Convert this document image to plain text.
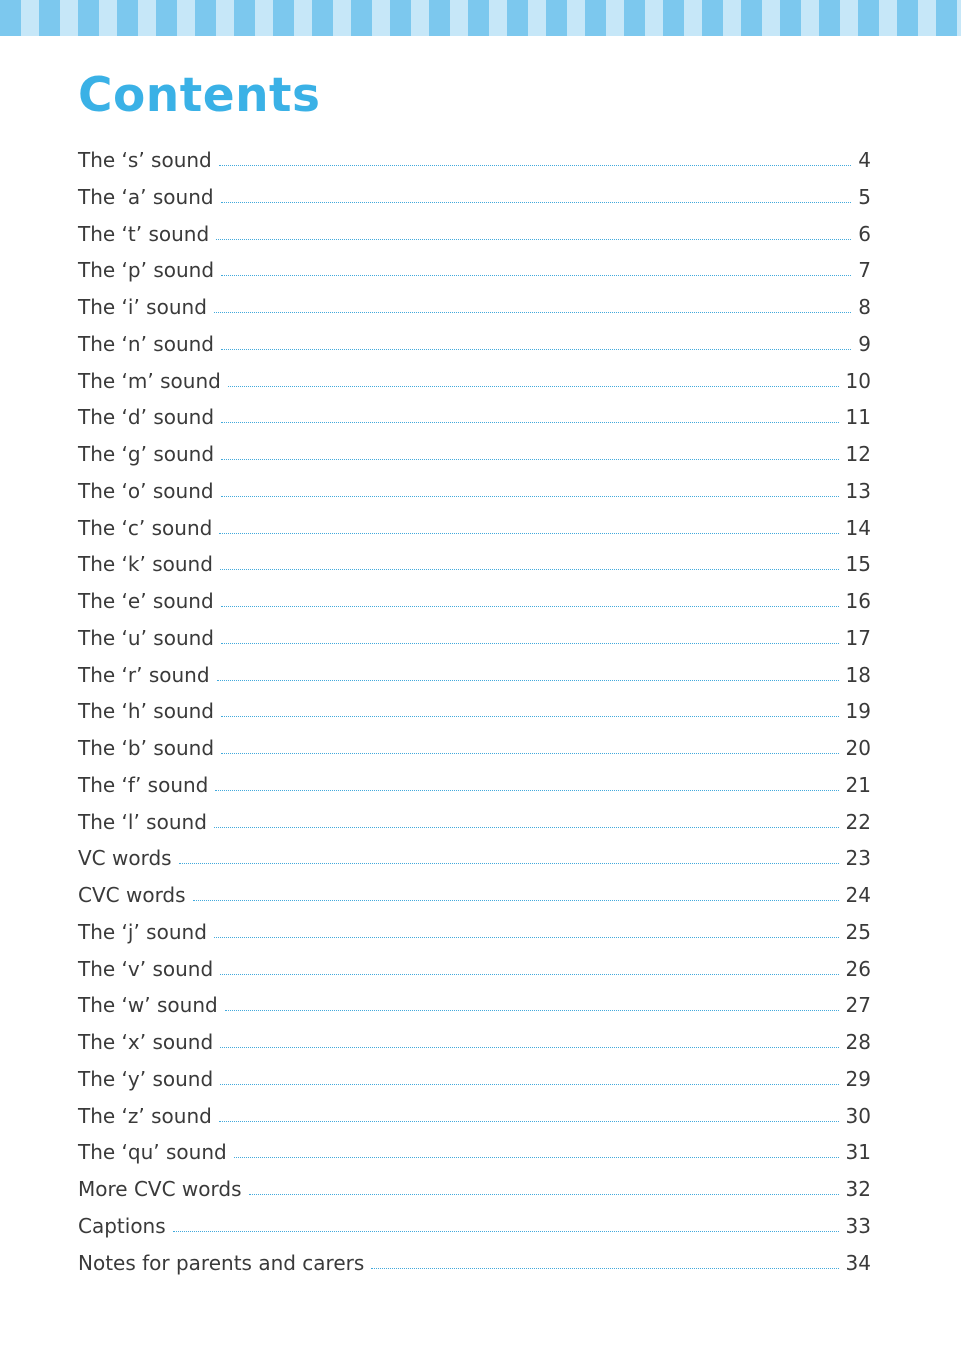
Contents
The ‘s’ sound	4
The ‘a’ sound	5
The ‘t’ sound	6
The ‘p’ sound	7
The ‘i’ sound	8
The ‘n’ sound	9
The ‘m’ sound	10
The ‘d’ sound	11
The ‘g’ sound	12
The ‘o’ sound	13
The ‘c’ sound	14
The ‘k’ sound	15
The ‘e’ sound	16
The ‘u’ sound	17
The ‘r’ sound	18
The ‘h’ sound	19
The ‘b’ sound	20
The ‘f’ sound	21
The ‘l’ sound	22
VC words	23
CVC words	24
The ‘j’ sound	25
The ‘v’ sound	26
The ‘w’ sound	27
The ‘x’ sound	28
The ‘y’ sound	29
The ‘z’ sound	30
The ‘qu’ sound	31
More CVC words	32
Captions	33
Notes for parents and carers	34
